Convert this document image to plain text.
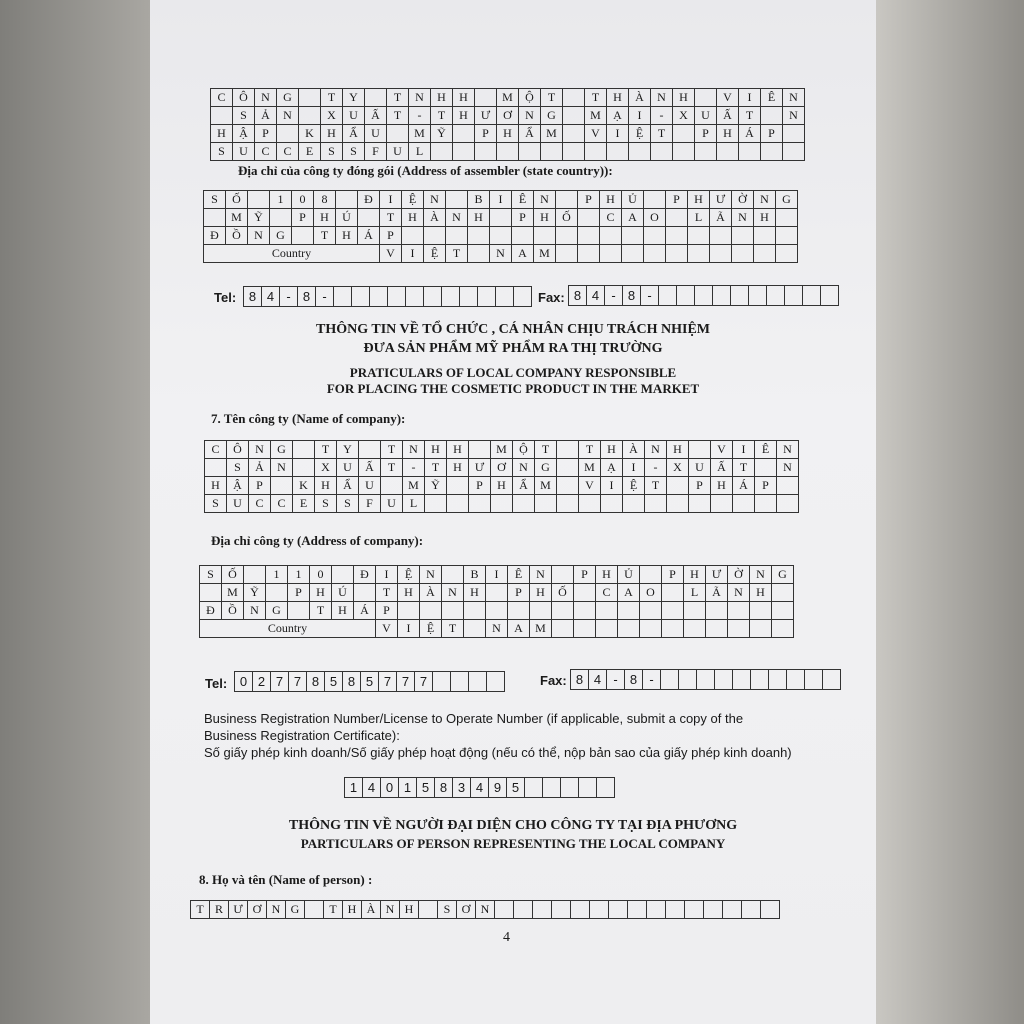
C	Ô	N	G		T	Y		T	N	H	H		M	Ộ	T		T	H	À	N	H		V	I	Ê	N
	S	Ả	N		X	U	Ấ	T	-	T	H	Ư	Ơ	N	G		M	Ạ	I	-	X	U	Ấ	T		N
H	Ậ	P		K	H	Ẩ	U		M	Ỹ		P	H	Ẩ	M		V	I	Ệ	T		P	H	Á	P	
S	U	C	C	E	S	S	F	U	L																	
Địa chỉ của công ty đóng gói (Address of assembler (state country)):
S	Ố		1	0	8		Đ	I	Ệ	N		B	I	Ê	N		P	H	Ủ		P	H	Ư	Ờ	N	G
	M	Ỹ		P	H	Ú		T	H	À	N	H		P	H	Ố		C	A	O		L	Ã	N	H	
Đ	Ồ	N	G		T	H	Á	P																		
Country								V	I	Ệ	T		N	A	M											
Tel: 8	4	-	8	-												Fax: 8	4	-	8	-										
THÔNG TIN VỀ TỔ CHỨC , CÁ NHÂN CHỊU TRÁCH NHIỆM
ĐƯA SẢN PHẨM MỸ PHẨM RA THỊ TRƯỜNG
PRATICULARS OF LOCAL COMPANY RESPONSIBLE
FOR PLACING THE COSMETIC PRODUCT IN THE MARKET
7. Tên công ty (Name of company):
C	Ô	N	G		T	Y		T	N	H	H		M	Ộ	T		T	H	À	N	H		V	I	Ê	N
	S	Ả	N		X	U	Ấ	T	-	T	H	Ư	Ơ	N	G		M	Ạ	I	-	X	U	Ấ	T		N
H	Ậ	P		K	H	Ẩ	U		M	Ỹ		P	H	Ẩ	M		V	I	Ệ	T		P	H	Á	P	
S	U	C	C	E	S	S	F	U	L																	
Địa chỉ công ty (Address of company):
S	Ố		1	1	0		Đ	I	Ệ	N		B	I	Ê	N		P	H	Ủ		P	H	Ư	Ờ	N	G
	M	Ỹ		P	H	Ú		T	H	À	N	H		P	H	Ố		C	A	O		L	Ã	N	H	
Đ	Ồ	N	G		T	H	Á	P																		
Country								V	I	Ệ	T		N	A	M											
Tel: 0	2	7	7	8	5	8	5	7	7	7					Fax: 8	4	-	8	-										
Business Registration Number/License to Operate Number (if applicable, submit a copy of the
Business Registration Certificate):
Số giấy phép kinh doanh/Số giấy phép hoạt động (nếu có thể, nộp bản sao của giấy phép kinh doanh)
1	4	0	1	5	8	3	4	9	5					
THÔNG TIN VỀ NGƯỜI ĐẠI DIỆN CHO CÔNG TY TẠI ĐỊA PHƯƠNG
PARTICULARS OF PERSON REPRESENTING THE LOCAL COMPANY
8. Họ và tên (Name of person) :
T	R	Ư	Ơ	N	G		T	H	À	N	H		S	Ơ	N															
4
